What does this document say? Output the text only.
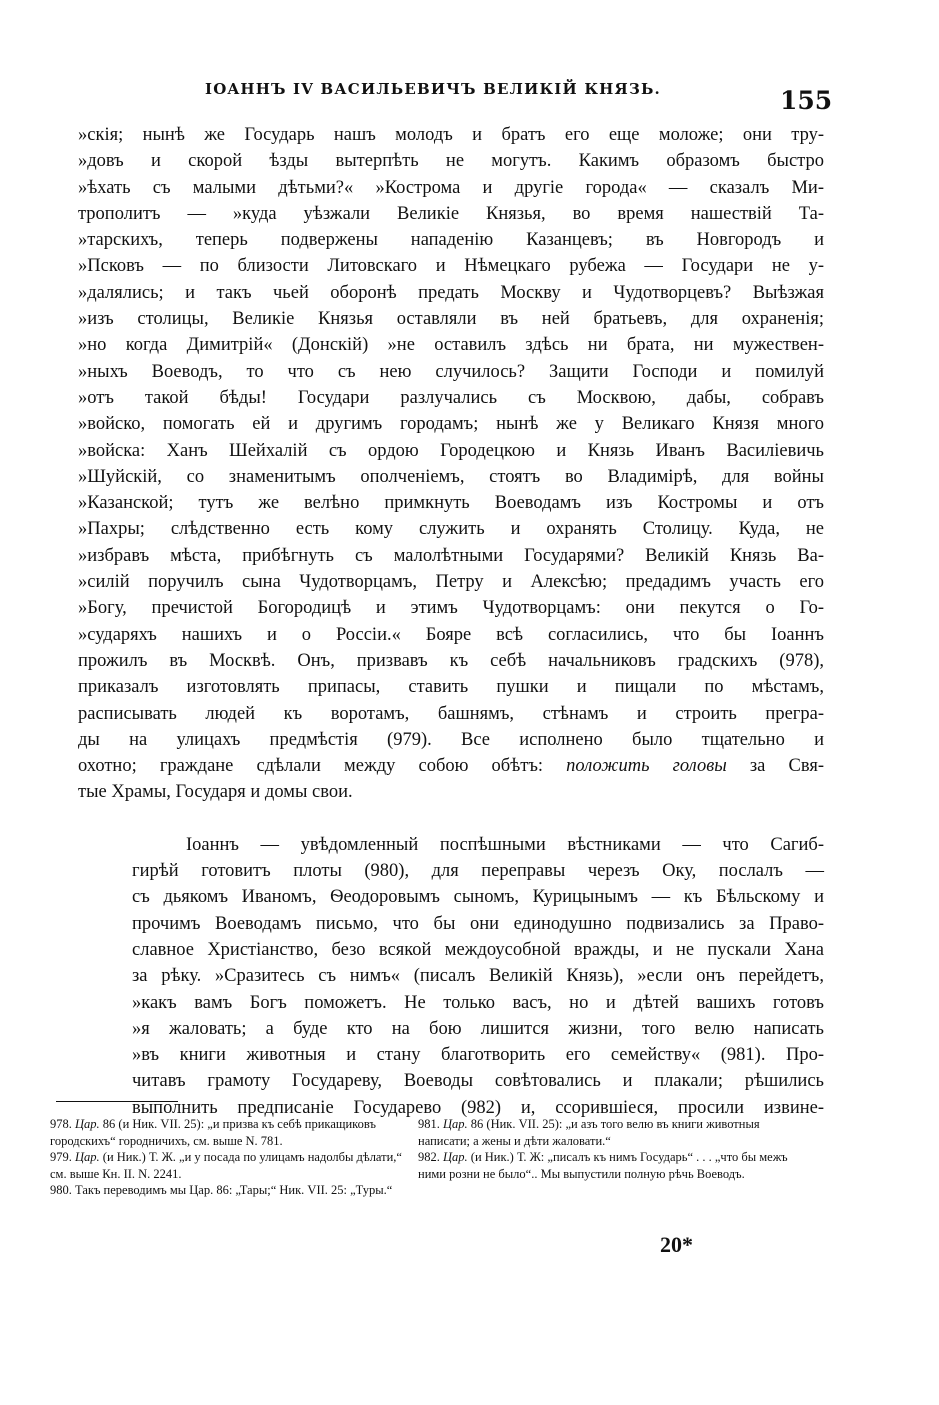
IOAННЪ IV ВАСИЛЬЕВИЧЪ ВЕЛИКІЙ КНЯЗЬ.	155

»скія; нынѣ же Государь нашъ молодъ и братъ его еще моложе; они тру-
»довъ и скорой ѣзды вытерпѣть не могутъ. Какимъ образомъ быстро
»ѣхать съ малыми дѣтьми?« »Кострома и другіе города« — сказалъ Ми-
трополитъ — »куда уѣзжали Великіе Князья, во время нашествій Та-
»тарскихъ, теперь подвержены нападенію Казанцевъ; въ Новгородъ и
»Псковъ — по близости Литовскаго и Нѣмецкаго рубежа — Государи не у-
»далялись; и такъ чьей оборонѣ предать Москву и Чудотворцевъ? Выѣзжая
»изъ столицы, Великіе Князья оставляли въ ней братьевъ, для охраненія;
»но когда Димитрій« (Донскій) »не оставилъ здѣсь ни брата, ни мужествен-
»ныхъ Воеводъ, то что съ нею случилось? Защити Господи и помилуй
»отъ такой бѣды! Государи разлучались съ Москвою, дабы, собравъ
»войско, помогать ей и другимъ городамъ; нынѣ же у Великаго Князя много
»войска: Ханъ Шейхалій съ ордою Городецкою и Князь Иванъ Василіевичь
»Шуйскій, со знаменитымъ ополченіемъ, стоятъ во Владимірѣ, для войны
»Казанской; тутъ же велѣно примкнуть Воеводамъ изъ Костромы и отъ
»Пахры; слѣдственно есть кому служить и охранять Столицу. Куда, не
»избравъ мѣста, прибѣгнуть съ малолѣтными Государями? Великій Князь Ва-
»силій поручилъ сына Чудотворцамъ, Петру и Алексѣю; предадимъ участь его
»Богу, пречистой Богородицѣ и этимъ Чудотворцамъ: они пекутся о Го-
»сударяхъ нашихъ и о Россіи.« Бояре всѣ согласились, что бы Іоаннъ
прожилъ въ Москвѣ. Онъ, призвавъ къ себѣ начальниковъ градскихъ (978),
приказалъ изготовлять припасы, ставить пушки и пищали по мѣстамъ,
расписывать людей къ воротамъ, башнямъ, стѣнамъ и строить прегра-
ды на улицахъ предмѣстія (979). Все исполнено было тщательно и
охотно; граждане сдѣлали между собою обѣтъ: положить головы за Свя-
тые Храмы, Государя и домы свои.

Іоаннъ — увѣдомленный поспѣшными вѣстниками — что Сагиб-
гирѣй готовитъ плоты (980), для переправы черезъ Оку, послалъ —
съ дьякомъ Иваномъ, Ѳеодоровымъ сыномъ, Курицынымъ — къ Бѣльскому и
прочимъ Воеводамъ письмо, что бы они единодушно подвизались за Право-
славное Христіанство, безо всякой междоусобной вражды, и не пускали Хана
за рѣку. »Сразитесь съ нимъ« (писалъ Великій Князь), »если онъ перейдетъ,
»какъ вамъ Богъ поможетъ. Не только васъ, но и дѣтей вашихъ готовъ
»я жаловать; а буде кто на бою лишится жизни, того велю написать
»въ книги животныя и стану благотворить его семейству« (981). Про-
читавъ грамоту Государеву, Воеводы совѣтовались и плакали; рѣшились
выполнить предписаніе Государево (982) и, ссорившіеся, просили извине-

978. Цар. 86 (и Ник. VII. 25): „и призва къ себѣ прикащиковъ городскихъ“ городничихъ, см. выше N. 781.

979. Цар. (и Ник.) Т. Ж. „и у посада по улицамъ надолбы дѣлати,“ см. выше Кн. II. N. 2241.

980. Такъ переводимъ мы Цар. 86: „Тары;“ Ник. VII. 25: „Туры.“

981. Цар. 86 (Ник. VII. 25): „и азъ того велю въ книги животныя написати; а жены и дѣти жаловати.“

982. Цар. (и Ник.) Т. Ж: „писалъ къ нимъ Государь“ . . . „что бы межъ ними розни не было“.. Мы выпустили полную рѣчь Воеводъ.

20*
